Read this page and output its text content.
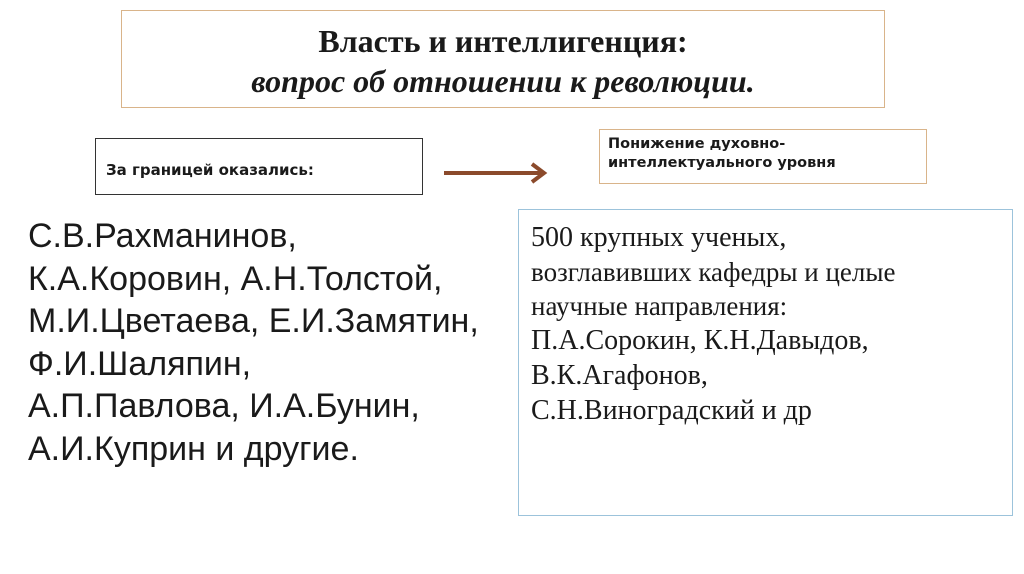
Власть и интеллигенция:
вопрос об отношении к революции.
За границей оказались:
Понижение духовно-
интеллектуального уровня
С.В.Рахманинов,
К.А.Коровин, А.Н.Толстой,
М.И.Цветаева, Е.И.Замятин,
Ф.И.Шаляпин,
А.П.Павлова, И.А.Бунин,
А.И.Куприн и другие.
500 крупных ученых,
возглавивших кафедры и целые
научные направления:
П.А.Сорокин, К.Н.Давыдов,
В.К.Агафонов,
С.Н.Виноградский и др
